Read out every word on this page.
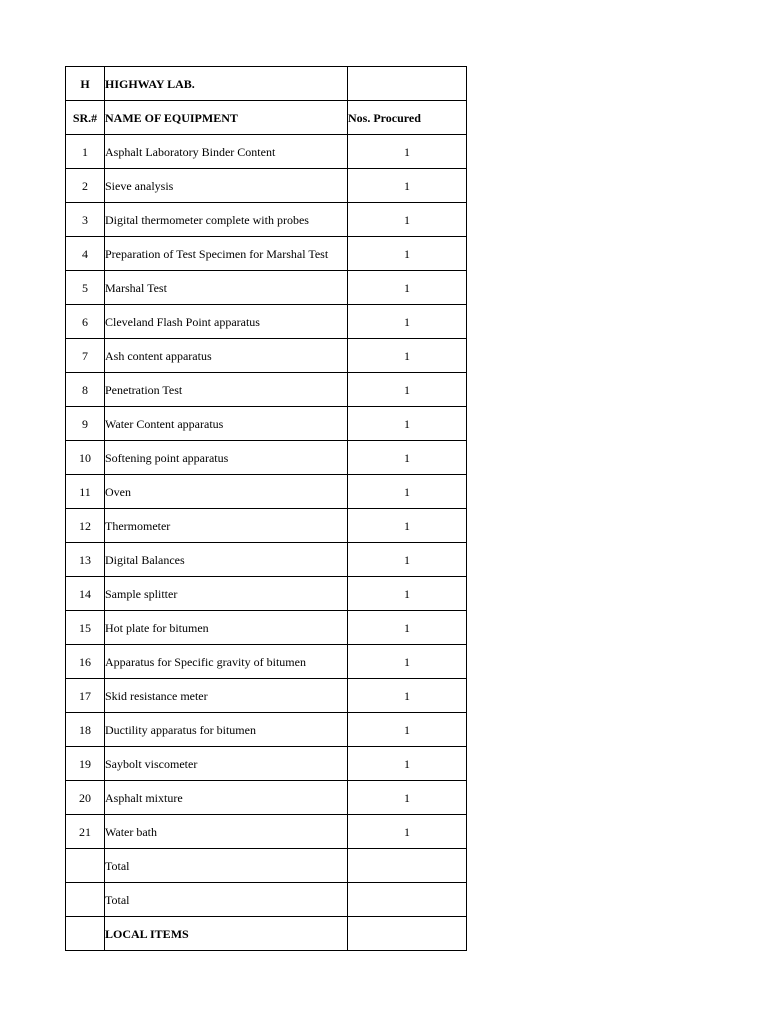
H	HIGHWAY LAB.	
SR.#	NAME OF EQUIPMENT	Nos. Procured
1	Asphalt Laboratory Binder Content	1
2	Sieve analysis	1
3	Digital thermometer complete with probes	1
4	Preparation of Test Specimen for Marshal Test	1
5	Marshal Test	1
6	Cleveland Flash Point apparatus	1
7	Ash content apparatus	1
8	Penetration Test	1
9	Water Content apparatus	1
10	Softening point apparatus	1
11	Oven	1
12	Thermometer	1
13	Digital Balances	1
14	Sample splitter	1
15	Hot plate for bitumen	1
16	Apparatus for Specific gravity of bitumen	1
17	Skid resistance meter	1
18	Ductility apparatus for bitumen	1
19	Saybolt viscometer	1
20	Asphalt mixture	1
21	Water bath	1
	Total	
	Total	
	LOCAL ITEMS	
